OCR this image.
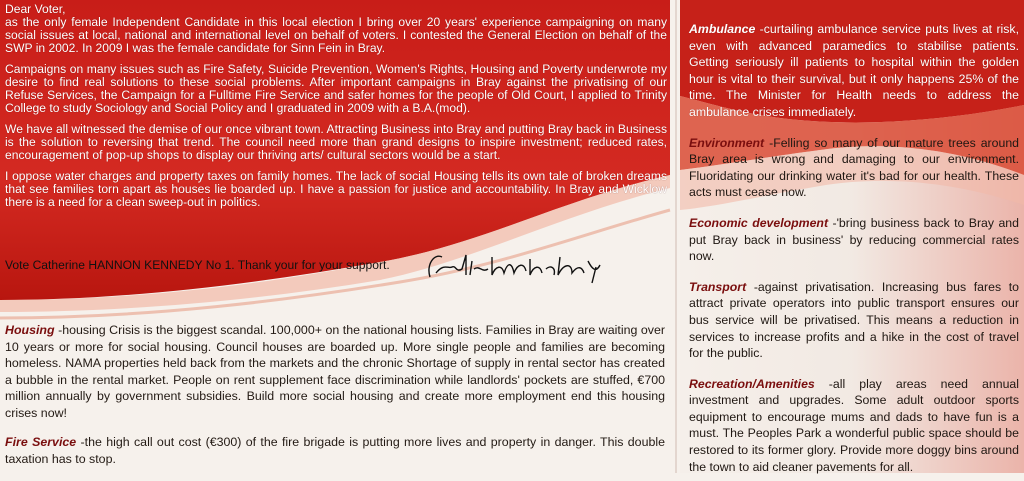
Dear Voter,

as the only female Independent Candidate in this local election I bring over 20 years' experience campaigning on many social issues at local, national and international level on behalf of voters. I contested the General Election on behalf of the SWP in 2002. In 2009 I was the female candidate for Sinn Fein in Bray.

Campaigns on many issues such as Fire Safety, Suicide Prevention, Women's Rights, Housing and Poverty underwrote my desire to find real solutions to these social problems. After important campaigns in Bray against the privatising of our Refuse Services, the Campaign for a Fulltime Fire Service and safer homes for the people of Old Court, I applied to Trinity College to study Sociology and Social Policy and I graduated in 2009 with a B.A.(mod).

We have all witnessed the demise of our once vibrant town. Attracting Business into Bray and putting Bray back in Business is the solution to reversing that trend. The council need more than grand designs to inspire investment; reduced rates, encouragement of pop-up shops to display our thriving arts/ cultural sectors would be a start.

I oppose water charges and property taxes on family homes. The lack of social Housing tells its own tale of broken dreams that see families torn apart as houses lie boarded up. I have a passion for justice and accountability. In Bray and Wicklow there is a need for a clean sweep-out in politics.

Vote Catherine HANNON KENNEDY No 1. Thank your for your support.

Housing -housing Crisis is the biggest scandal. 100,000+ on the national housing lists. Families in Bray are waiting over 10 years or more for social housing. Council houses are boarded up. More single people and families are becoming homeless. NAMA properties held back from the markets and the chronic Shortage of supply in rental sector has created a bubble in the rental market. People on rent supplement face discrimination while landlords' pockets are stuffed, €700 million annually by government subsidies. Build more social housing and create more employment end this housing crises now!

Fire Service -the high call out cost (€300) of the fire brigade is putting more lives and property in danger. This double taxation has to stop.

Ambulance -curtailing ambulance service puts lives at risk, even with advanced paramedics to stabilise patients. Getting seriously ill patients to hospital within the golden hour is vital to their survival, but it only happens 25% of the time. The Minister for Health needs to address the ambulance crises immediately.

Environment -Felling so many of our mature trees around Bray area is wrong and damaging to our environment. Fluoridating our drinking water it's bad for our health. These acts must cease now.

Economic development -'bring business back to Bray and put Bray back in business' by reducing commercial rates now.

Transport -against privatisation. Increasing bus fares to attract private operators into public transport ensures our bus service will be privatised. This means a reduction in services to increase profits and a hike in the cost of travel for the public.

Recreation/Amenities -all play areas need annual investment and upgrades. Some adult outdoor sports equipment to encourage mums and dads to have fun is a must. The Peoples Park a wonderful public space should be restored to its former glory. Provide more doggy bins around the town to aid cleaner pavements for all.
